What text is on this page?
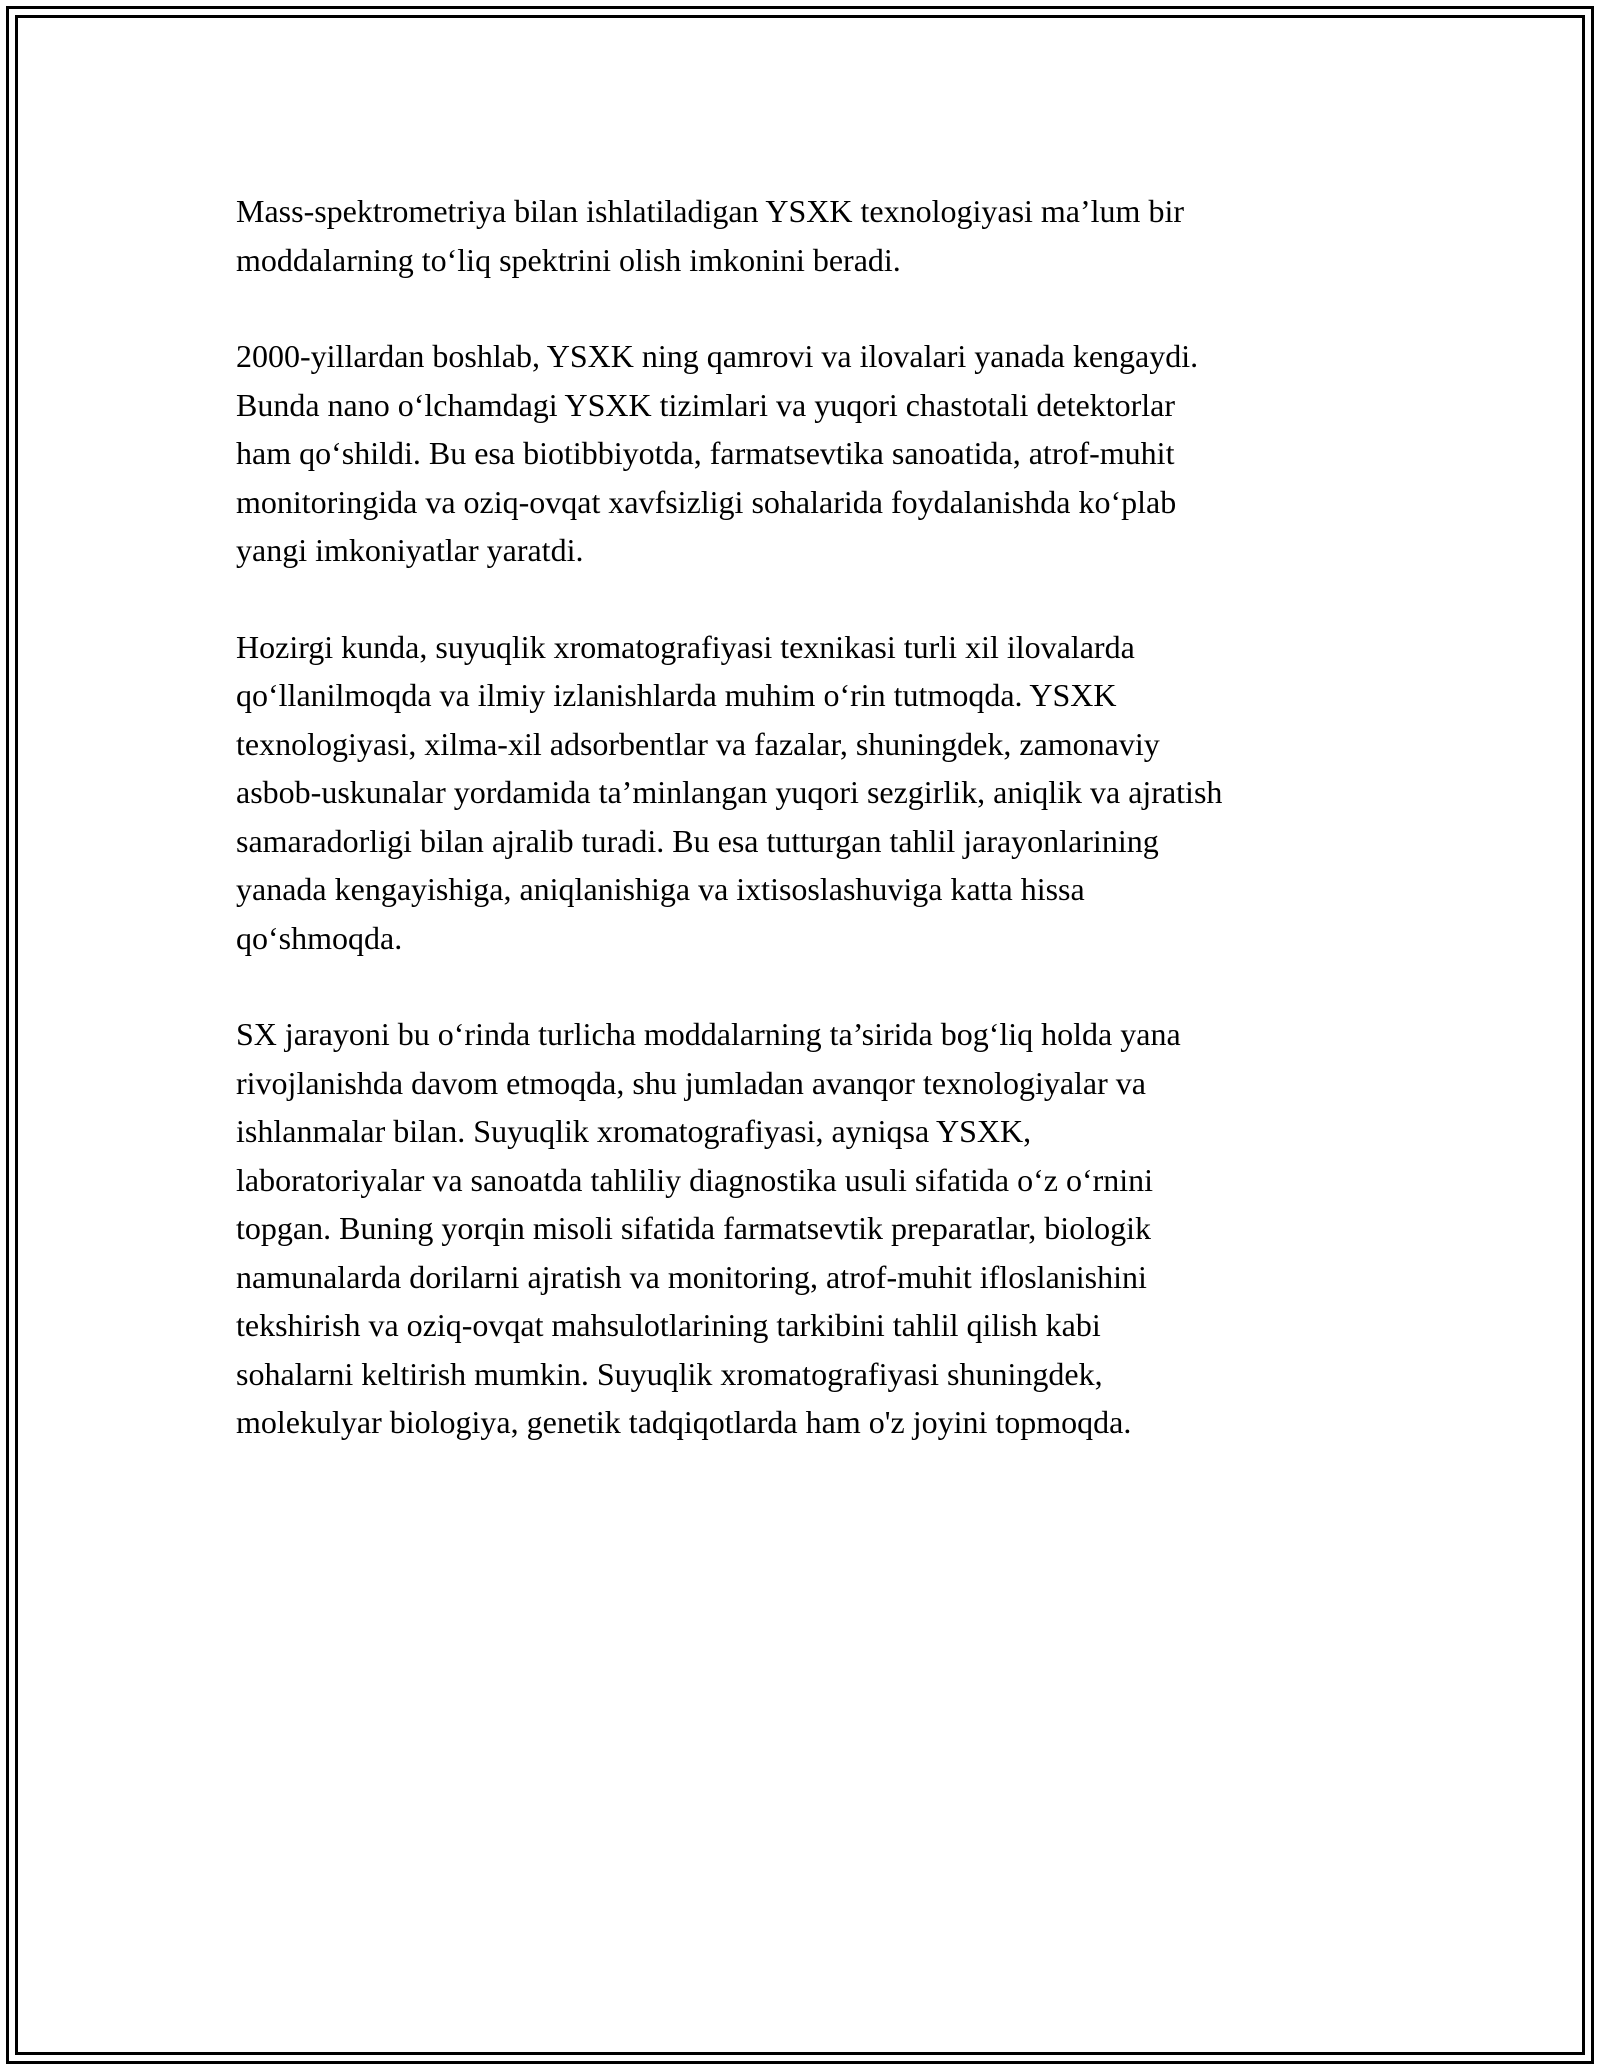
Mass-spektrometriya bilan ishlatiladigan YSXK texnologiyasi ma’lum bir
moddalarning to‘liq spektrini olish imkonini beradi.

2000-yillardan boshlab, YSXK ning qamrovi va ilovalari yanada kengaydi.
Bunda nano o‘lchamdagi YSXK tizimlari va yuqori chastotali detektorlar
ham qo‘shildi. Bu esa biotibbiyotda, farmatsevtika sanoatida, atrof-muhit
monitoringida va oziq-ovqat xavfsizligi sohalarida foydalanishda ko‘plab
yangi imkoniyatlar yaratdi.

Hozirgi kunda, suyuqlik xromatografiyasi texnikasi turli xil ilovalarda
qo‘llanilmoqda va ilmiy izlanishlarda muhim o‘rin tutmoqda. YSXK
texnologiyasi, xilma-xil adsorbentlar va fazalar, shuningdek, zamonaviy
asbob-uskunalar yordamida ta’minlangan yuqori sezgirlik, aniqlik va ajratish
samaradorligi bilan ajralib turadi. Bu esa tutturgan tahlil jarayonlarining
yanada kengayishiga, aniqlanishiga va ixtisoslashuviga katta hissa
qo‘shmoqda.

SX jarayoni bu o‘rinda turlicha moddalarning ta’sirida bog‘liq holda yana
rivojlanishda davom etmoqda, shu jumladan avanqor texnologiyalar va
ishlanmalar bilan. Suyuqlik xromatografiyasi, ayniqsa YSXK,
laboratoriyalar va sanoatda tahliliy diagnostika usuli sifatida o‘z o‘rnini
topgan. Buning yorqin misoli sifatida farmatsevtik preparatlar, biologik
namunalarda dorilarni ajratish va monitoring, atrof-muhit ifloslanishini
tekshirish va oziq-ovqat mahsulotlarining tarkibini tahlil qilish kabi
sohalarni keltirish mumkin. Suyuqlik xromatografiyasi shuningdek,
molekulyar biologiya, genetik tadqiqotlarda ham o'z joyini topmoqda.
